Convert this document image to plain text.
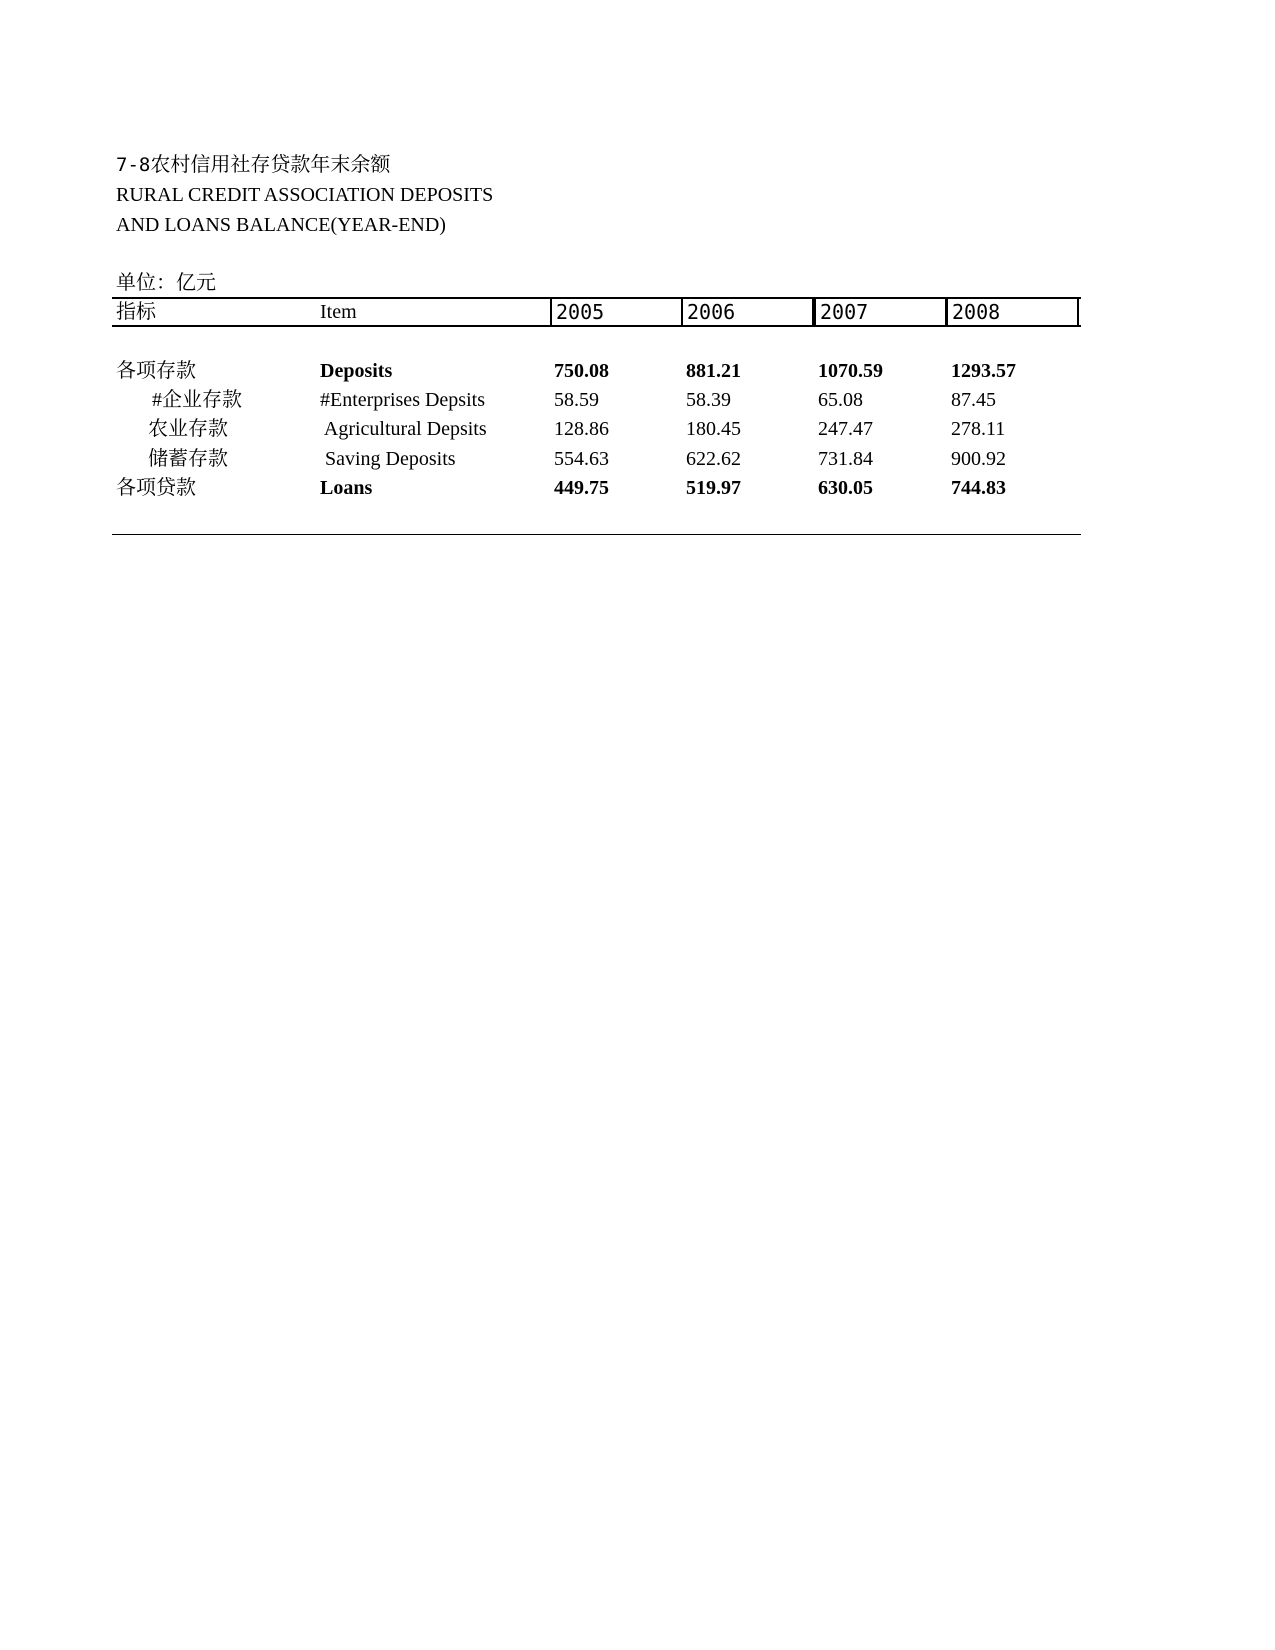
7-8农村信用社存贷款年末余额
RURAL CREDIT ASSOCIATION DEPOSITS
AND LOANS BALANCE(YEAR-END)
单位：亿元
指标	Item	2005	2006	2007	2008
各项存款	Deposits	750.08	881.21	1070.59	1293.57
#企业存款	#Enterprises Depsits	58.59	58.39	65.08	87.45
农业存款	Agricultural Depsits	128.86	180.45	247.47	278.11
储蓄存款	Saving Deposits	554.63	622.62	731.84	900.92
各项贷款	Loans	449.75	519.97	630.05	744.83
